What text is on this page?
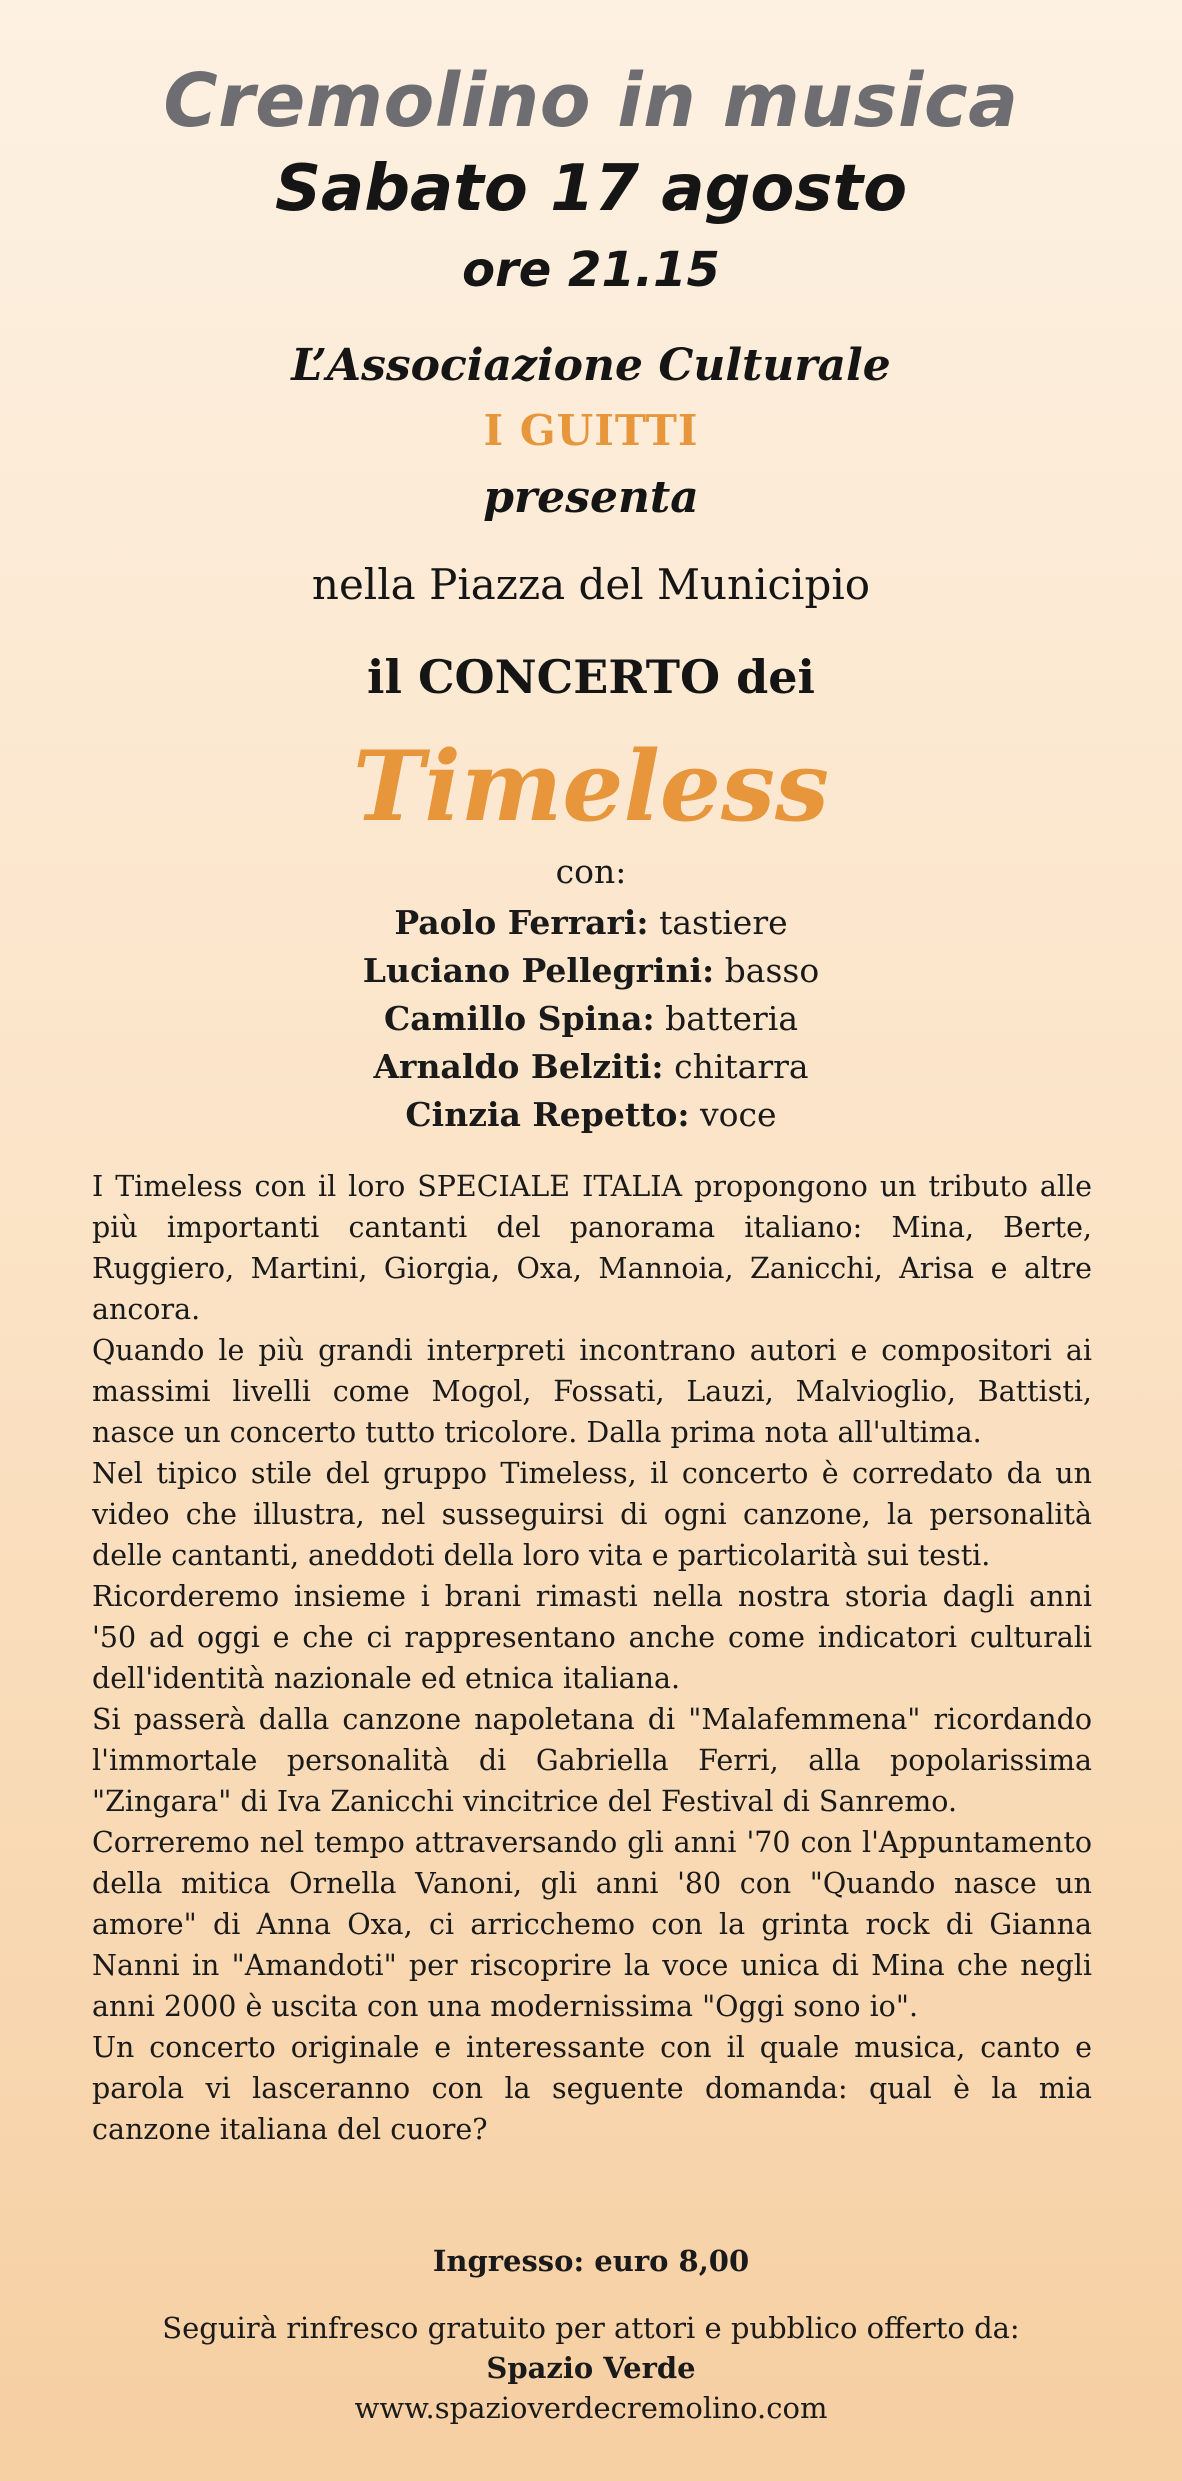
Cremolino in musica
Sabato 17 agosto
ore 21.15
L’Associazione Culturale
I GUITTI
presenta
nella Piazza del Municipio
il CONCERTO dei
Timeless
con:
Paolo Ferrari: tastiere
Luciano Pellegrini: basso
Camillo Spina: batteria
Arnaldo Belziti: chitarra
Cinzia Repetto: voce

I Timeless con il loro SPECIALE ITALIA propongono un tributo alle più importanti cantanti del panorama italiano: Mina, Berte, Ruggiero, Martini, Giorgia, Oxa, Mannoia, Zanicchi, Arisa e altre ancora.

Quando le più grandi interpreti incontrano autori e compositori ai massimi livelli come Mogol, Fossati, Lauzi, Malvioglio, Battisti, nasce un concerto tutto tricolore. Dalla prima nota all'ultima.

Nel tipico stile del gruppo Timeless, il concerto è corredato da un video che illustra, nel susseguirsi di ogni canzone, la personalità delle cantanti, aneddoti della loro vita e particolarità sui testi.

Ricorderemo insieme i brani rimasti nella nostra storia dagli anni '50 ad oggi e che ci rappresentano anche come indicatori culturali dell'identità nazionale ed etnica italiana.

Si passerà dalla canzone napoletana di "Malafemmena" ricordando l'immortale personalità di Gabriella Ferri, alla popolarissima "Zingara" di Iva Zanicchi vincitrice del Festival di Sanremo.

Correremo nel tempo attraversando gli anni '70 con l'Appuntamento della mitica Ornella Vanoni, gli anni '80 con "Quando nasce un amore" di Anna Oxa, ci arricchemo con la grinta rock di Gianna Nanni in "Amandoti" per riscoprire la voce unica di Mina che negli anni 2000 è uscita con una modernissima "Oggi sono io".

Un concerto originale e interessante con il quale musica, canto e parola vi lasceranno con la seguente domanda: qual è la mia canzone italiana del cuore?

Ingresso: euro 8,00
Seguirà rinfresco gratuito per attori e pubblico offerto da:
Spazio Verde
www.spazioverdecremolino.com
